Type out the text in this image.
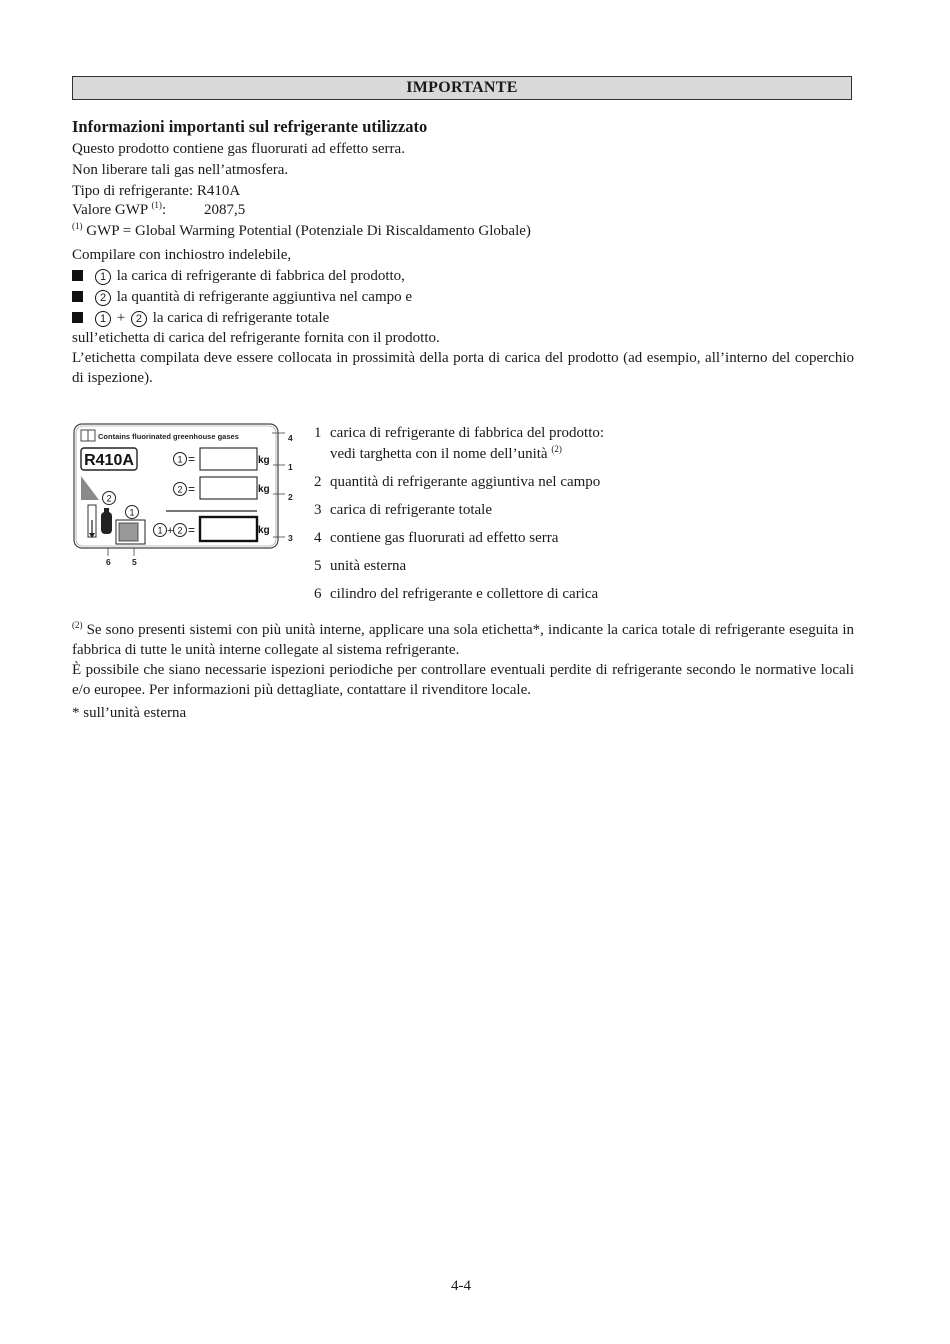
IMPORTANTE
Informazioni importanti sul refrigerante utilizzato
Questo prodotto contiene gas fluorurati ad effetto serra.
Non liberare tali gas nell’atmosfera.
Tipo di refrigerante: R410A
Valore GWP $^{(1)}$:	2087,5
$^{(1)}$ GWP = Global Warming Potential (Potenziale Di Riscaldamento Globale)
Compilare con inchiostro indelebile,
1 la carica di refrigerante di fabbrica del prodotto,
2 la quantità di refrigerante aggiuntiva nel campo e
1 + 2 la carica di refrigerante totale
sull’etichetta di carica del refrigerante fornita con il prodotto.
L’etichetta compilata deve essere collocata in prossimità della porta di carica del prodotto (ad esempio, all’interno del coperchio di ispezione).
Contains fluorinated greenhouse gases
R410A	1 =	kg
2 =	kg
1 + 2 =	kg
2
1
4
1
2
3
6	5
1 carica di refrigerante di fabbrica del prodotto:
vedi targhetta con il nome dell’unità $^{(2)}$
2 quantità di refrigerante aggiuntiva nel campo
3 carica di refrigerante totale
4 contiene gas fluorurati ad effetto serra
5 unità esterna
6 cilindro del refrigerante e collettore di carica
$^{(2)}$ Se sono presenti sistemi con più unità interne, applicare una sola etichetta*, indicante la carica totale di refrigerante eseguita in fabbrica di tutte le unità interne collegate al sistema refrigerante.
È possibile che siano necessarie ispezioni periodiche per controllare eventuali perdite di refrigerante secondo le normative locali e/o europee. Per informazioni più dettagliate, contattare il rivenditore locale.
* sull’unità esterna
4-4
